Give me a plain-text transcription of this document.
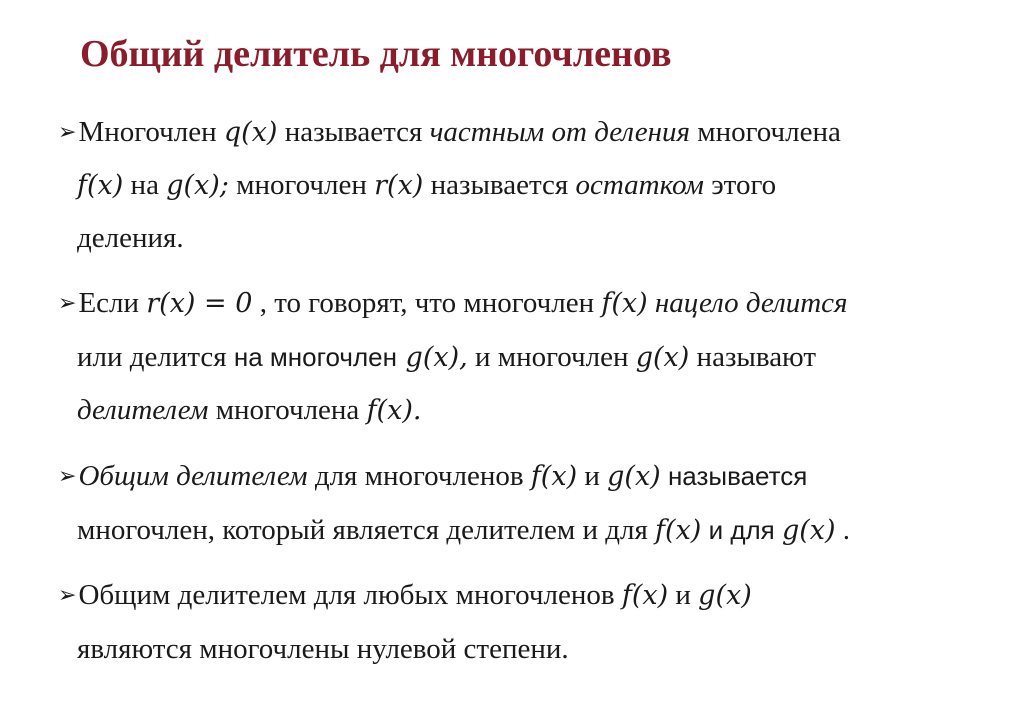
Общий делитель для многочленов
➢Многочлен q(x) называется частным от деления многочлена
f(x) на g(x); многочлен r(x) называется остатком этого
деления.
➢Если r(x) = 0 , то говорят, что многочлен f(x) нацело делится
или делится на многочлен g(x), и многочлен g(x) называют
делителем многочлена f(x).
➢Общим делителем для многочленов f(x) и g(x) называется
многочлен, который является делителем и для f(x) и для g(x) .
➢Общим делителем для любых многочленов f(x) и g(x)
являются многочлены нулевой степени.
